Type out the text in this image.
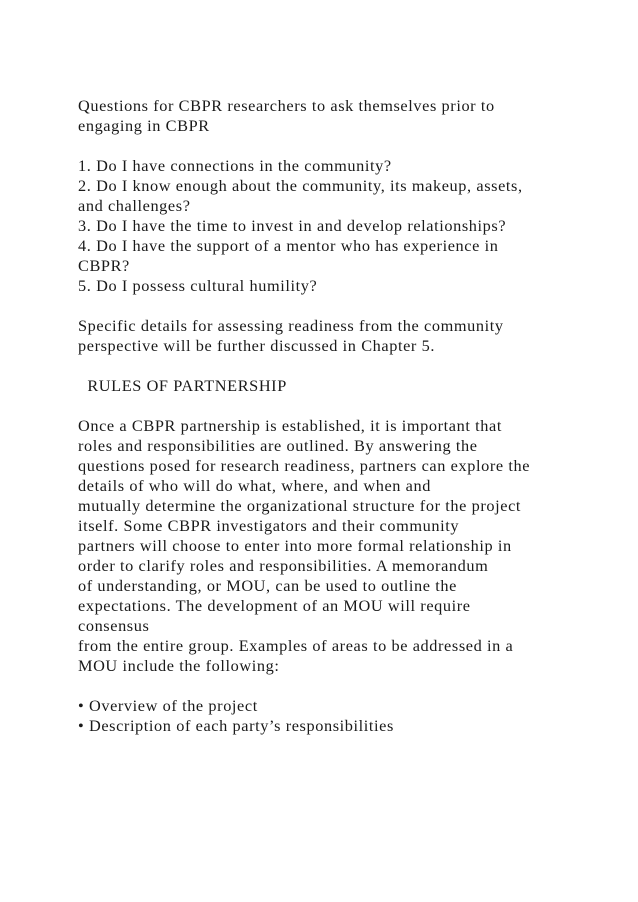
Questions for CBPR researchers to ask themselves prior to
engaging in CBPR
1. Do I have connections in the community?
2. Do I know enough about the community, its makeup, assets,
and challenges?
3. Do I have the time to invest in and develop relationships?
4. Do I have the support of a mentor who has experience in
CBPR?
5. Do I possess cultural humility?
Specific details for assessing readiness from the community
perspective will be further discussed in Chapter 5.
RULES OF PARTNERSHIP
Once a CBPR partnership is established, it is important that
roles and responsibilities are outlined. By answering the
questions posed for research readiness, partners can explore the
details of who will do what, where, and when and
mutually determine the organizational structure for the project
itself. Some CBPR investigators and their community
partners will choose to enter into more formal relationship in
order to clarify roles and responsibilities. A memorandum
of understanding, or MOU, can be used to outline the
expectations. The development of an MOU will require
consensus
from the entire group. Examples of areas to be addressed in a
MOU include the following:
• Overview of the project
• Description of each party’s responsibilities
